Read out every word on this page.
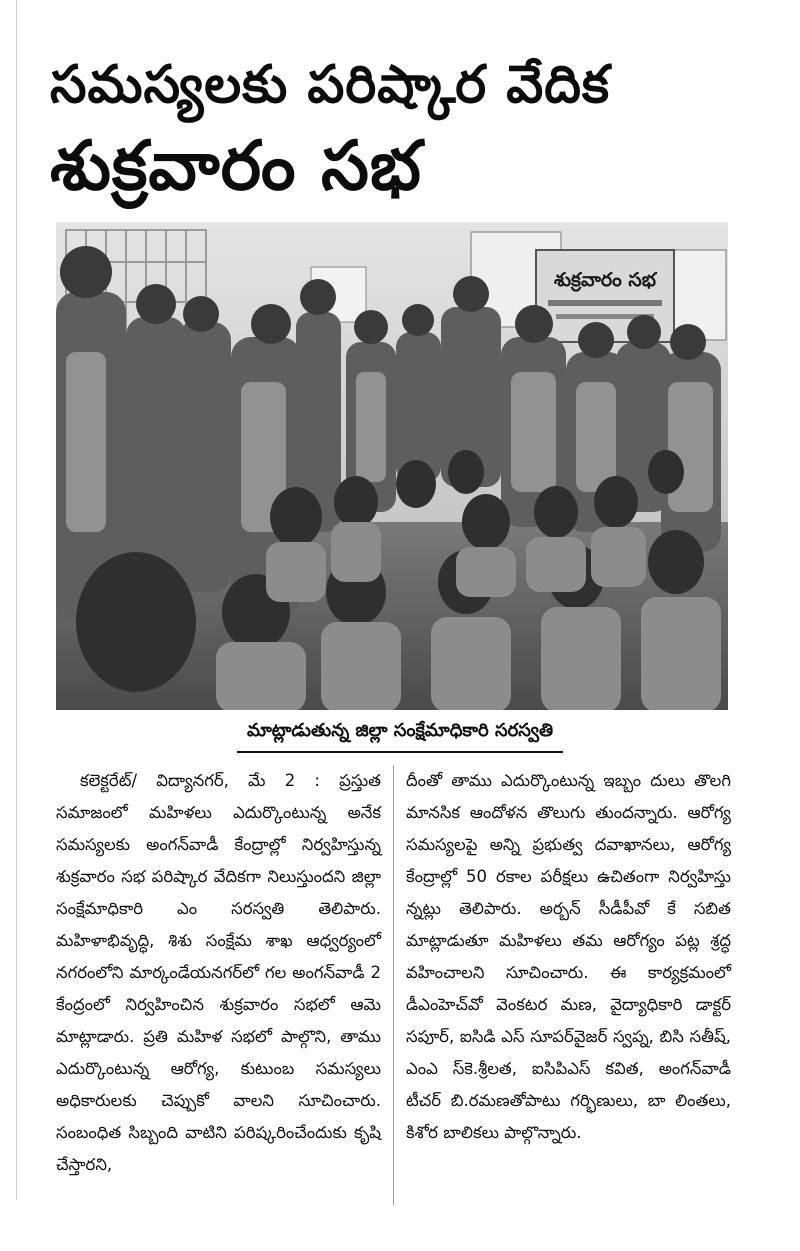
సమస్యలకు పరిష్కార వేదిక
శుక్రవారం సభ
శుక్రవారం సభ
మాట్లాడుతున్న జిల్లా సంక్షేమాధికారి సరస్వతి

కలెక్టరేట్/ విద్యానగర్, మే 2 : ప్రస్తుత సమాజంలో మహిళలు ఎదుర్కొంటున్న అనేక సమస్యలకు అంగన్‌వాడీ కేంద్రాల్లో నిర్వహిస్తున్న శుక్రవారం సభ పరిష్కార వేదికగా నిలుస్తుందని జిల్లా సంక్షేమాధికారి ఎం సరస్వతి తెలిపారు. మహిళాభివృద్ధి, శిశు సంక్షేమ శాఖ ఆధ్వర్యంలో నగరంలోని మార్కండేయనగర్‌లో గల అంగన్‌వాడీ 2 కేంద్రంలో నిర్వహించిన శుక్రవారం సభలో ఆమె మాట్లాడారు. ప్రతి మహిళ సభలో పాల్గొని, తాము ఎదుర్కొంటున్న ఆరోగ్య, కుటుంబ సమస్యలు అధికారులకు చెప్పుకో వాలని సూచించారు. సంబంధిత సిబ్బంది వాటిని పరిష్కరించేందుకు కృషి చేస్తారని,

దీంతో తాము ఎదుర్కొంటున్న ఇబ్బం దులు తొలగి మానసిక ఆందోళన తొలుగు తుందన్నారు. ఆరోగ్య సమస్యలపై అన్ని ప్రభుత్వ దవాఖానలు, ఆరోగ్య కేంద్రాల్లో 50 రకాల పరీక్షలు ఉచితంగా నిర్వహిస్తు న్నట్లు తెలిపారు. అర్బన్ సీడీపీవో కే సబిత మాట్లాడుతూ మహిళలు తమ ఆరోగ్యం పట్ల శ్రద్ధ వహించాలని సూచించారు. ఈ కార్యక్రమంలో డీఎంహెచ్‌వో వెంకటర మణ, వైద్యాధికారి డాక్టర్ సపూర్, ఐసిడి ఎస్ సూపర్‌వైజర్ స్వప్న, బిసి సతీష్, ఎంఎ స్‌కె.శ్రీలత, ఐసిపిఎస్ కవిత, అంగన్‌వాడీ టీచర్ బి.రమణతోపాటు గర్భిణులు, బా లింతలు, కిశోర బాలికలు పాల్గొన్నారు.
